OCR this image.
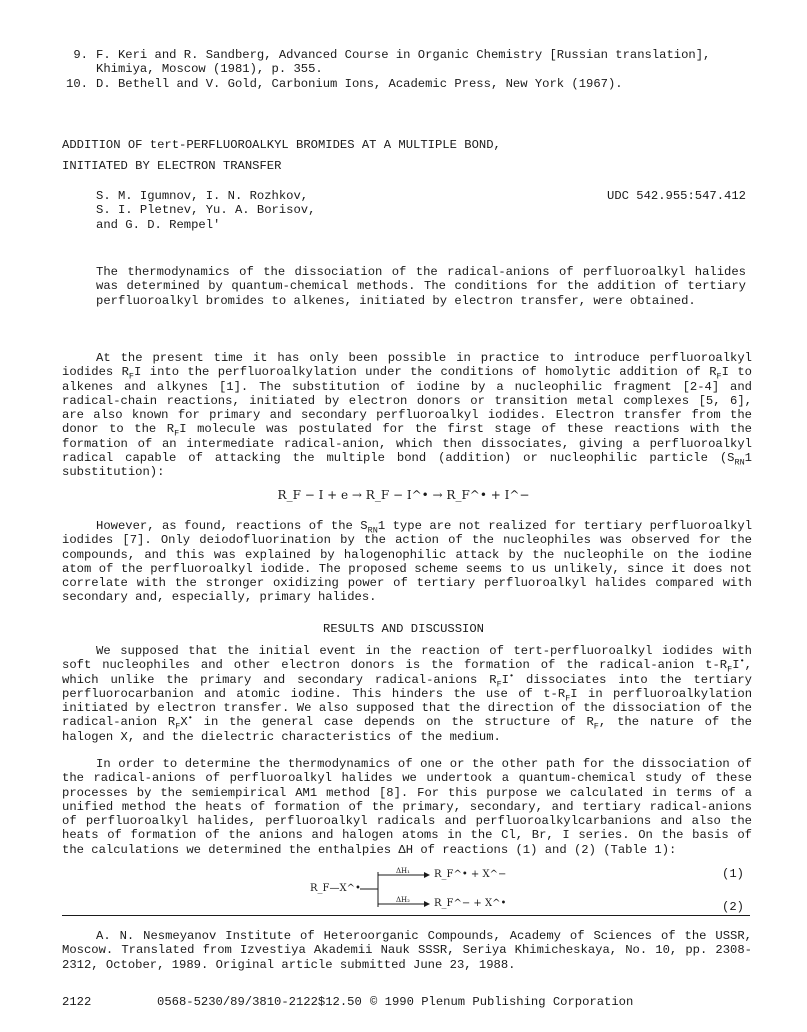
9. F. Keri and R. Sandberg, Advanced Course in Organic Chemistry [Russian translation],
Khimiya, Moscow (1981), p. 355.
10. D. Bethell and V. Gold, Carbonium Ions, Academic Press, New York (1967).
ADDITION OF tert-PERFLUOROALKYL BROMIDES AT A MULTIPLE BOND,
INITIATED BY ELECTRON TRANSFER
S. M. Igumnov, I. N. Rozhkov,
S. I. Pletnev, Yu. A. Borisov,
and G. D. Rempel'
UDC 542.955:547.412
The thermodynamics of the dissociation of the radical-anions of perfluoroalkyl halides was determined by quantum-chemical methods. The conditions for the addition of tertiary perfluoroalkyl bromides to alkenes, initiated by electron transfer, were obtained.
At the present time it has only been possible in practice to introduce perfluoroalkyl iodides $R_FI$ into the perfluoroalkylation under the conditions of homolytic addition of $R_FI$ to alkenes and alkynes [1]. The substitution of iodine by a nucleophilic fragment [2-4] and radical-chain reactions, initiated by electron donors or transition metal complexes [5, 6], are also known for primary and secondary perfluoroalkyl iodides. Electron transfer from the donor to the $R_FI$ molecule was postulated for the first stage of these reactions with the formation of an intermediate radical-anion, which then dissociates, giving a perfluoroalkyl radical capable of attacking the multiple bond (addition) or nucleophilic particle ($S_{RN}1$ substitution):
R_F − I + e → R_F − I^• → R_F^• + I^−
However, as found, reactions of the $S_{RN}1$ type are not realized for tertiary perfluoroalkyl iodides [7]. Only deiodofluorination by the action of the nucleophiles was observed for the compounds, and this was explained by halogenophilic attack by the nucleophile on the iodine atom of the perfluoroalkyl iodide. The proposed scheme seems to us unlikely, since it does not correlate with the stronger oxidizing power of tertiary perfluoroalkyl halides compared with secondary and, especially, primary halides.
RESULTS AND DISCUSSION
We supposed that the initial event in the reaction of tert-perfluoroalkyl iodides with soft nucleophiles and other electron donors is the formation of the radical-anion $t-R_FI^•$, which unlike the primary and secondary radical-anions $R_FI^•$ dissociates into the tertiary perfluorocarbanion and atomic iodine. This hinders the use of $t-R_FI$ in perfluoroalkylation initiated by electron transfer. We also supposed that the direction of the dissociation of the radical-anion $R_FX^•$ in the general case depends on the structure of $R_F$, the nature of the halogen X, and the dielectric characteristics of the medium.
In order to determine the thermodynamics of one or the other path for the dissociation of the radical-anions of perfluoroalkyl halides we undertook a quantum-chemical study of these processes by the semiempirical AM1 method [8]. For this purpose we calculated in terms of a unified method the heats of formation of the primary, secondary, and tertiary radical-anions of perfluoroalkyl halides, perfluoroalkyl radicals and perfluoroalkylcarbanions and also the heats of formation of the anions and halogen atoms in the Cl, Br, I series. On the basis of the calculations we determined the enthalpies ΔH of reactions (1) and (2) (Table 1):
R_F—X^•
ΔH₁
ΔH₂
R_F^• + X^−
R_F^− + X^•
(1)
(2)
A. N. Nesmeyanov Institute of Heteroorganic Compounds, Academy of Sciences of the USSR, Moscow. Translated from Izvestiya Akademii Nauk SSSR, Seriya Khimicheskaya, No. 10, pp. 2308-2312, October, 1989. Original article submitted June 23, 1988.
2122	0568-5230/89/3810-2122$12.50 © 1990 Plenum Publishing Corporation
